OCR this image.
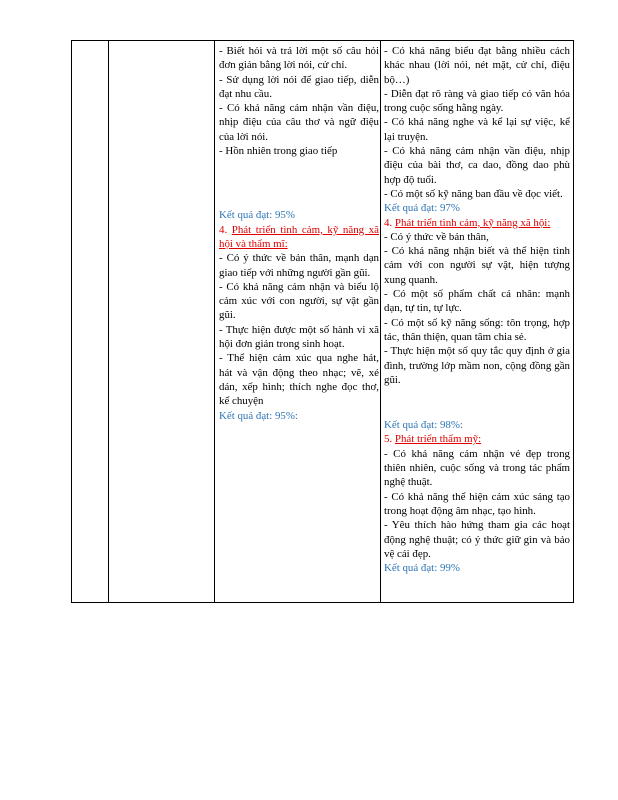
- Biết hỏi và trả lời một số câu hỏi đơn giản bằng lời nói, cử chỉ.

- Sử dụng lời nói để giao tiếp, diễn đạt nhu cầu.

- Có khả năng cảm nhận vần điệu, nhịp điệu của câu thơ và ngữ điệu của lời nói.

- Hồn nhiên trong giao tiếp

Kết quả đạt: 95%

4. Phát triển tình cảm, kỹ năng xã hội và thẩm mĩ:

- Có ý thức về bản thân, mạnh dạn giao tiếp với những người gần gũi.

- Có khả năng cảm nhận và biểu lộ cảm xúc với con người, sự vật gần gũi.

- Thực hiện được một số hành vi xã hội đơn giản trong sinh hoạt.

- Thể hiện cảm xúc qua nghe hát, hát và vận động theo nhạc; vẽ, xé dán, xếp hình; thích nghe đọc thơ, kể chuyện

Kết quả đạt: 95%:

- Có khả năng biểu đạt bằng nhiều cách khác nhau (lời nói, nét mặt, cử chỉ, điệu bộ…)

- Diễn đạt rõ ràng và giao tiếp có văn hóa trong cuộc sống hằng ngày.

- Có khả năng nghe và kể lại sự việc, kể lại truyện.

- Có khả năng cảm nhận vần điệu, nhịp điệu của bài thơ, ca dao, đồng dao phù hợp độ tuổi.

- Có một số kỹ năng ban đầu về đọc viết.

Kết quả đạt: 97%

4. Phát triển tình cảm, kỹ năng xã hội:

- Có ý thức về bản thân,

- Có khả năng nhận biết và thể hiện tình cảm với con người sự vật, hiện tượng xung quanh.

- Có một số phẩm chất cá nhân: mạnh dạn, tự tin, tự lực.

- Có một số kỹ năng sống: tôn trọng, hợp tác, thân thiện, quan tâm chia sẻ.

- Thực hiện một số quy tắc quy định ở gia đình, trường lớp mầm non, cộng đồng gần gũi.

Kết quả đạt: 98%:

5. Phát triển thẩm mỹ:

- Có khả năng cảm nhận vẻ đẹp trong thiên nhiên, cuộc sống và trong tác phẩm nghệ thuật.

- Có khả năng thể hiện cảm xúc sáng tạo trong hoạt động âm nhạc, tạo hình.

- Yêu thích hào hứng tham gia các hoạt động nghệ thuật; có ý thức giữ gìn và bảo vệ cái đẹp.

Kết quả đạt: 99%
